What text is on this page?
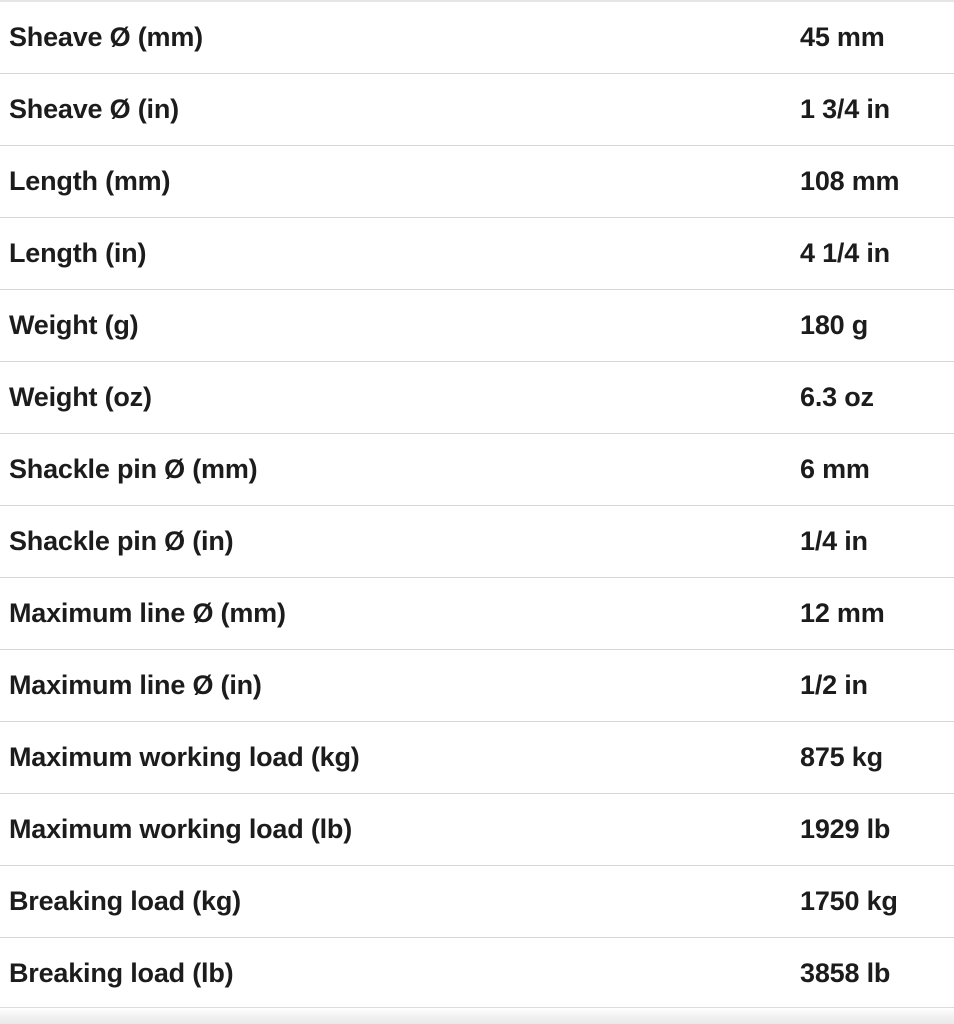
Sheave Ø (mm)	45 mm
Sheave Ø (in)	1 3/4 in
Length (mm)	108 mm
Length (in)	4 1/4 in
Weight (g)	180 g
Weight (oz)	6.3 oz
Shackle pin Ø (mm)	6 mm
Shackle pin Ø (in)	1/4 in
Maximum line Ø (mm)	12 mm
Maximum line Ø (in)	1/2 in
Maximum working load (kg)	875 kg
Maximum working load (lb)	1929 lb
Breaking load (kg)	1750 kg
Breaking load (lb)	3858 lb
